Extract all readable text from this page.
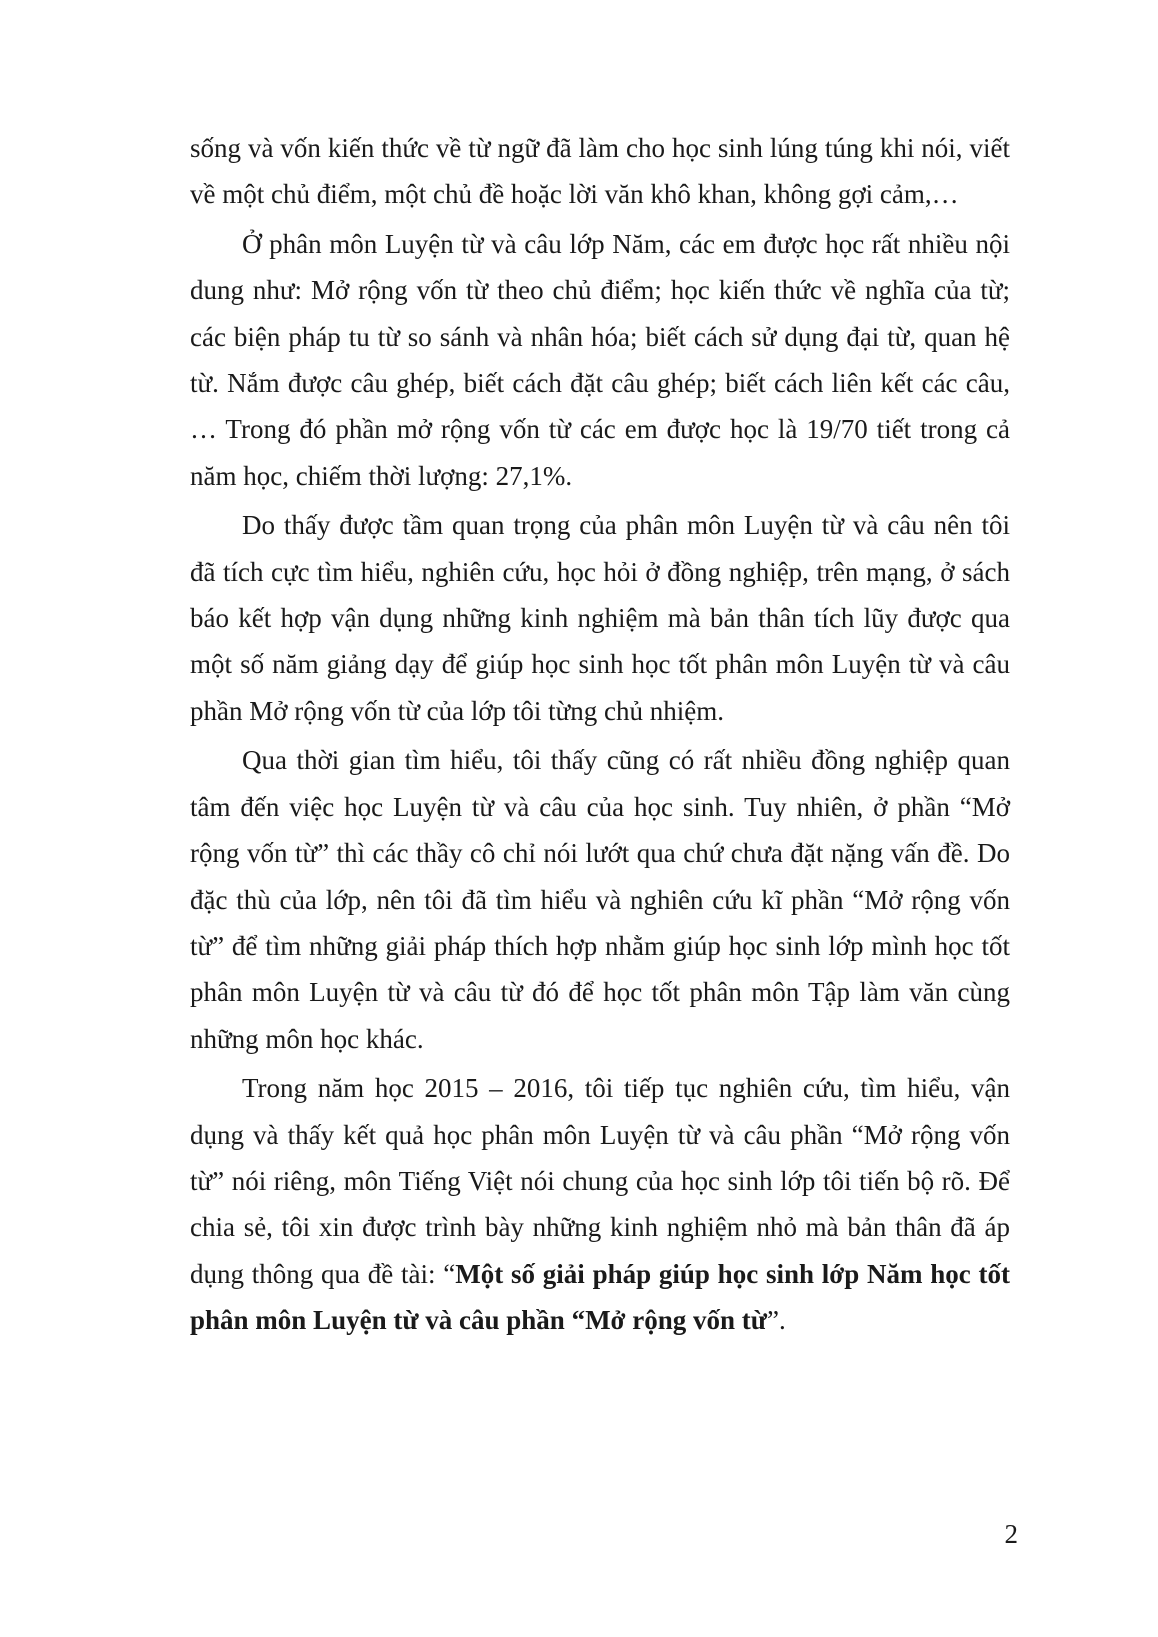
sống và vốn kiến thức về từ ngữ đã làm cho học sinh lúng túng khi nói, viết về một chủ điểm, một chủ đề hoặc lời văn khô khan, không gợi cảm,…

Ở phân môn Luyện từ và câu lớp Năm, các em được học rất nhiều nội dung như: Mở rộng vốn từ theo chủ điểm; học kiến thức về nghĩa của từ; các biện pháp tu từ so sánh và nhân hóa; biết cách sử dụng đại từ, quan hệ từ. Nắm được câu ghép, biết cách đặt câu ghép; biết cách liên kết các câu, … Trong đó phần mở rộng vốn từ các em được học là 19/70 tiết trong cả năm học, chiếm thời lượng: 27,1%.

Do thấy được tầm quan trọng của phân môn Luyện từ và câu nên tôi đã tích cực tìm hiểu, nghiên cứu, học hỏi ở đồng nghiệp, trên mạng, ở sách báo kết hợp vận dụng những kinh nghiệm mà bản thân tích lũy được qua một số năm giảng dạy để giúp học sinh học tốt phân môn Luyện từ và câu phần Mở rộng vốn từ của lớp tôi từng chủ nhiệm.

Qua thời gian tìm hiểu, tôi thấy cũng có rất nhiều đồng nghiệp quan tâm đến việc học Luyện từ và câu của học sinh. Tuy nhiên, ở phần “Mở rộng vốn từ” thì các thầy cô chỉ nói lướt qua chứ chưa đặt nặng vấn đề. Do đặc thù của lớp, nên tôi đã tìm hiểu và nghiên cứu kĩ phần “Mở rộng vốn từ” để tìm những giải pháp thích hợp nhằm giúp học sinh lớp mình học tốt phân môn Luyện từ và câu từ đó để học tốt phân môn Tập làm văn cùng những môn học khác.

Trong năm học 2015 – 2016, tôi tiếp tục nghiên cứu, tìm hiểu, vận dụng và thấy kết quả học phân môn Luyện từ và câu phần “Mở rộng vốn từ” nói riêng, môn Tiếng Việt nói chung của học sinh lớp tôi tiến bộ rõ. Để chia sẻ, tôi xin được trình bày những kinh nghiệm nhỏ mà bản thân đã áp dụng thông qua đề tài: “Một số giải pháp giúp học sinh lớp Năm học tốt phân môn Luyện từ và câu phần “Mở rộng vốn từ”.

2
